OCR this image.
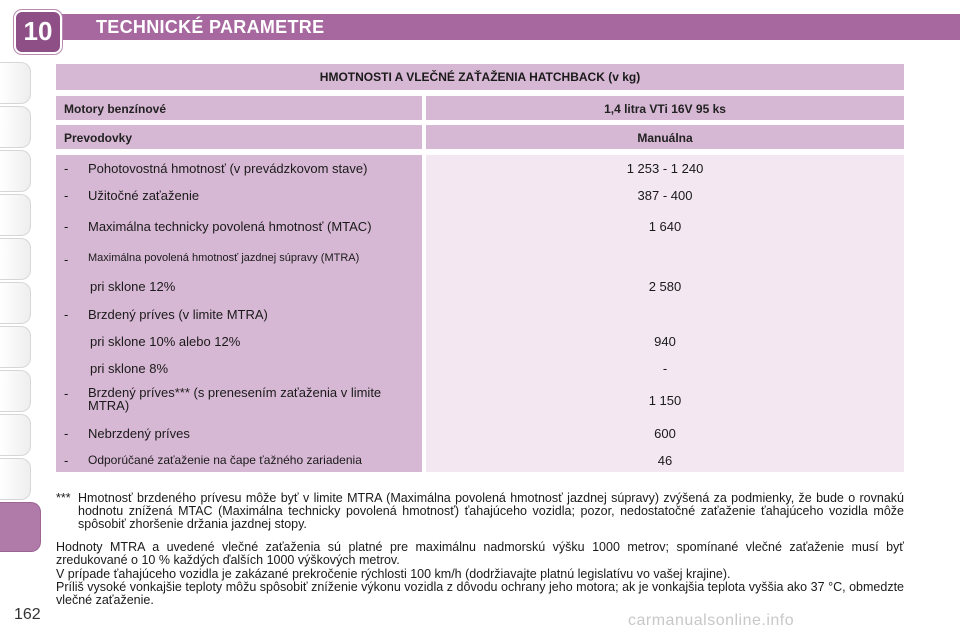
TECHNICKÉ PARAMETRE
10
HMOTNOSTI A VLEČNÉ ZAŤAŽENIA HATCHBACK (v kg)
Motory benzínové	1,4 litra VTi 16V 95 ks
Prevodovky	Manuálna
- Pohotovostná hmotnosť (v prevádzkovom stave)	1 253 - 1 240
- Užitočné zaťaženie	387 - 400
- Maximálna technicky povolená hmotnosť (MTAC)	1 640
- Maximálna povolená hmotnosť jazdnej súpravy (MTRA)
pri sklone 12%	2 580
- Brzdený príves (v limite MTRA)
pri sklone 10% alebo 12%	940
pri sklone 8%	-
- Brzdený príves*** (s prenesením zaťaženia v limite MTRA)	1 150
- Nebrzdený príves	600
- Odporúčané zaťaženie na čape ťažného zariadenia	46
*** Hmotnosť brzdeného prívesu môže byť v limite MTRA (Maximálna povolená hmotnosť jazdnej súpravy) zvýšená za podmienky, že bude o rovnakú hodnotu znížená MTAC (Maximálna technicky povolená hmotnosť) ťahajúceho vozidla; pozor, nedostatočné zaťaženie ťahajúceho vozidla môže spôsobiť zhoršenie držania jazdnej stopy.
Hodnoty MTRA a uvedené vlečné zaťaženia sú platné pre maximálnu nadmorskú výšku 1000 metrov; spomínané vlečné zaťaženie musí byť zredukované o 10 % každých ďalších 1000 výškových metrov.
V prípade ťahajúceho vozidla je zakázané prekročenie rýchlosti 100 km/h (dodržiavajte platnú legislatívu vo vašej krajine).
Príliš vysoké vonkajšie teploty môžu spôsobiť zníženie výkonu vozidla z dôvodu ochrany jeho motora; ak je vonkajšia teplota vyššia ako 37 °C, obmedzte vlečné zaťaženie.
162	carmanualsonline.info
